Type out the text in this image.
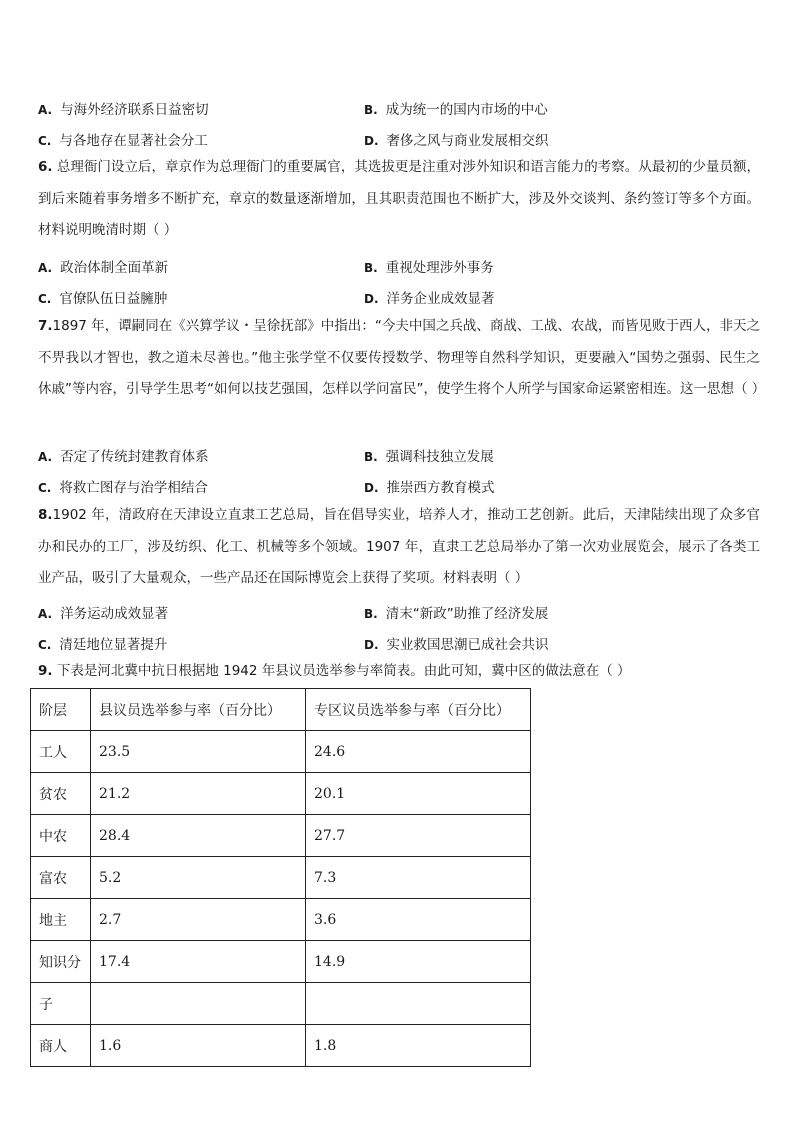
A. 与海外经济联系日益密切	B. 成为统一的国内市场的中心
C. 与各地存在显著社会分工	D. 奢侈之风与商业发展相交织
6. 总理衙门设立后，章京作为总理衙门的重要属官，其选拔更是注重对涉外知识和语言能力的考察。从最初的少量员额，到后来随着事务增多不断扩充，章京的数量逐渐增加，且其职责范围也不断扩大，涉及外交谈判、条约签订等多个方面。材料说明晚清时期（ ）
A. 政治体制全面革新	B. 重视处理涉外事务
C. 官僚队伍日益臃肿	D. 洋务企业成效显著
7.1897 年，谭嗣同在《兴算学议・呈徐抚部》中指出：“今夫中国之兵战、商战、工战、农战，而皆见败于西人，非天之不畀我以才智也，教之道未尽善也。”他主张学堂不仅要传授数学、物理等自然科学知识，更要融入“国势之强弱、民生之休戚”等内容，引导学生思考“如何以技艺强国，怎样以学问富民”，使学生将个人所学与国家命运紧密相连。这一思想（ ）
A. 否定了传统封建教育体系	B. 强调科技独立发展
C. 将救亡图存与治学相结合	D. 推崇西方教育模式
8.1902 年，清政府在天津设立直隶工艺总局，旨在倡导实业，培养人才，推动工艺创新。此后，天津陆续出现了众多官办和民办的工厂，涉及纺织、化工、机械等多个领域。1907 年，直隶工艺总局举办了第一次劝业展览会，展示了各类工业产品，吸引了大量观众，一些产品还在国际博览会上获得了奖项。材料表明（ ）
A. 洋务运动成效显著	B. 清末“新政”助推了经济发展
C. 清廷地位显著提升	D. 实业救国思潮已成社会共识
9. 下表是河北冀中抗日根据地 1942 年县议员选举参与率简表。由此可知，冀中区的做法意在（ ）
阶层	县议员选举参与率（百分比）	专区议员选举参与率（百分比）
工人	23.5	24.6
贫农	21.2	20.1
中农	28.4	27.7
富农	5.2	7.3
地主	2.7	3.6
知识分	17.4	14.9
子		
商人	1.6	1.8
